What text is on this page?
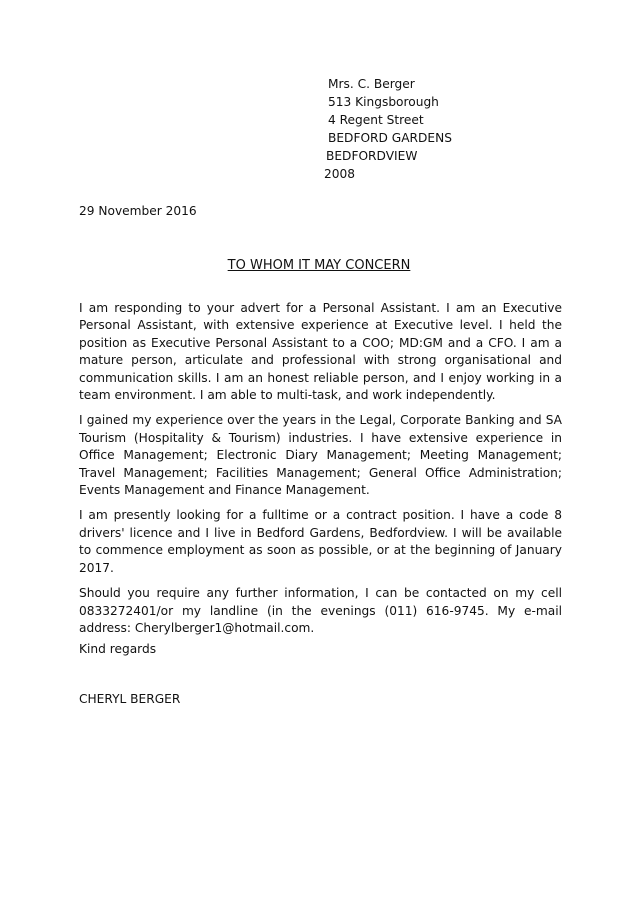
Mrs. C. Berger
513 Kingsborough
4 Regent Street
BEDFORD GARDENS
BEDFORDVIEW
2008
29 November 2016
TO WHOM IT MAY CONCERN

I am responding to your advert for a Personal Assistant. I am an Executive Personal Assistant, with extensive experience at Executive level. I held the position as Executive Personal Assistant to a COO; MD:GM and a CFO. I am a mature person, articulate and professional with strong organisational and communication skills. I am an honest reliable person, and I enjoy working in a team environment. I am able to multi-task, and work independently.

I gained my experience over the years in the Legal, Corporate Banking and SA Tourism (Hospitality & Tourism) industries. I have extensive experience in Office Management; Electronic Diary Management; Meeting Management; Travel Management; Facilities Management; General Office Administration; Events Management and Finance Management.

I am presently looking for a fulltime or a contract position. I have a code 8 drivers' licence and I live in Bedford Gardens, Bedfordview. I will be available to commence employment as soon as possible, or at the beginning of January 2017.

Should you require any further information, I can be contacted on my cell 0833272401/or my landline (in the evenings (011) 616-9745. My e-mail address: Cherylberger1@hotmail.com.

Kind regards
CHERYL BERGER
